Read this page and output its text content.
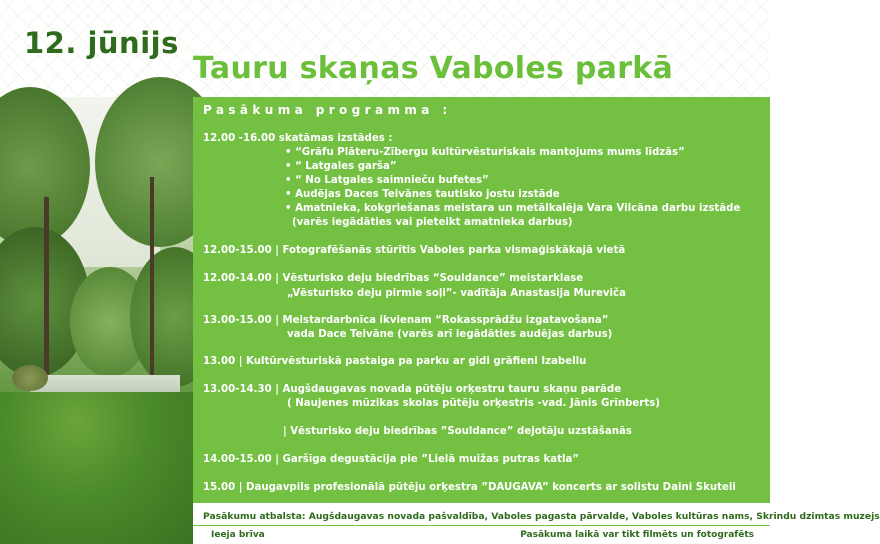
12. jūnijs
Tauru skaņas Vaboles parkā
Pasākuma programma :
12.00 -16.00 skatāmas izstādes :
• “Grāfu Plāteru-Zībergu kultūrvēsturiskais mantojums mums līdzās”
• “ Latgales garša”
• “ No Latgales saimnieču bufetes”
• Audējas Daces Teivānes tautisko jostu izstāde
• Amatnieka, kokgriešanas meistara un metālkalēja Vara Vilcāna darbu izstāde
(varēs iegādāties vai pieteikt amatnieka darbus)
12.00-15.00 | Fotografēšanās stūrītis Vaboles parka vismaģiskākajā vietā
12.00-14.00 | Vēsturisko deju biedrības “Souldance” meistarklase
„Vēsturisko deju pirmie soļi”- vadītāja Anastasija Mureviča
13.00-15.00 | Meistardarbnīca ikvienam “Rokassprādžu izgatavošana”
vada Dace Teivāne (varēs arī iegādāties audējas darbus)
13.00 | Kultūrvēsturiskā pastaiga pa parku ar gidi grāfieni Izabellu
13.00-14.30 | Augšdaugavas novada pūtēju orķestru tauru skaņu parāde
( Naujenes mūzikas skolas pūtēju orķestris -vad. Jānis Grīnberts)
| Vēsturisko deju biedrības ”Souldance” dejotāju uzstāšanās
14.00-15.00 | Garšīga degustācija pie ”Lielā muižas putras katla”
15.00 | Daugavpils profesionālā pūtēju orķestra ”DAUGAVA” koncerts ar solistu Daini Skuteli
Pasākumu atbalsta: Augšdaugavas novada pašvaldība, Vaboles pagasta pārvalde, Vaboles kultūras nams, Skrindu dzimtas muzejs
Ieeja brīva	Pasākuma laikā var tikt filmēts un fotografēts
